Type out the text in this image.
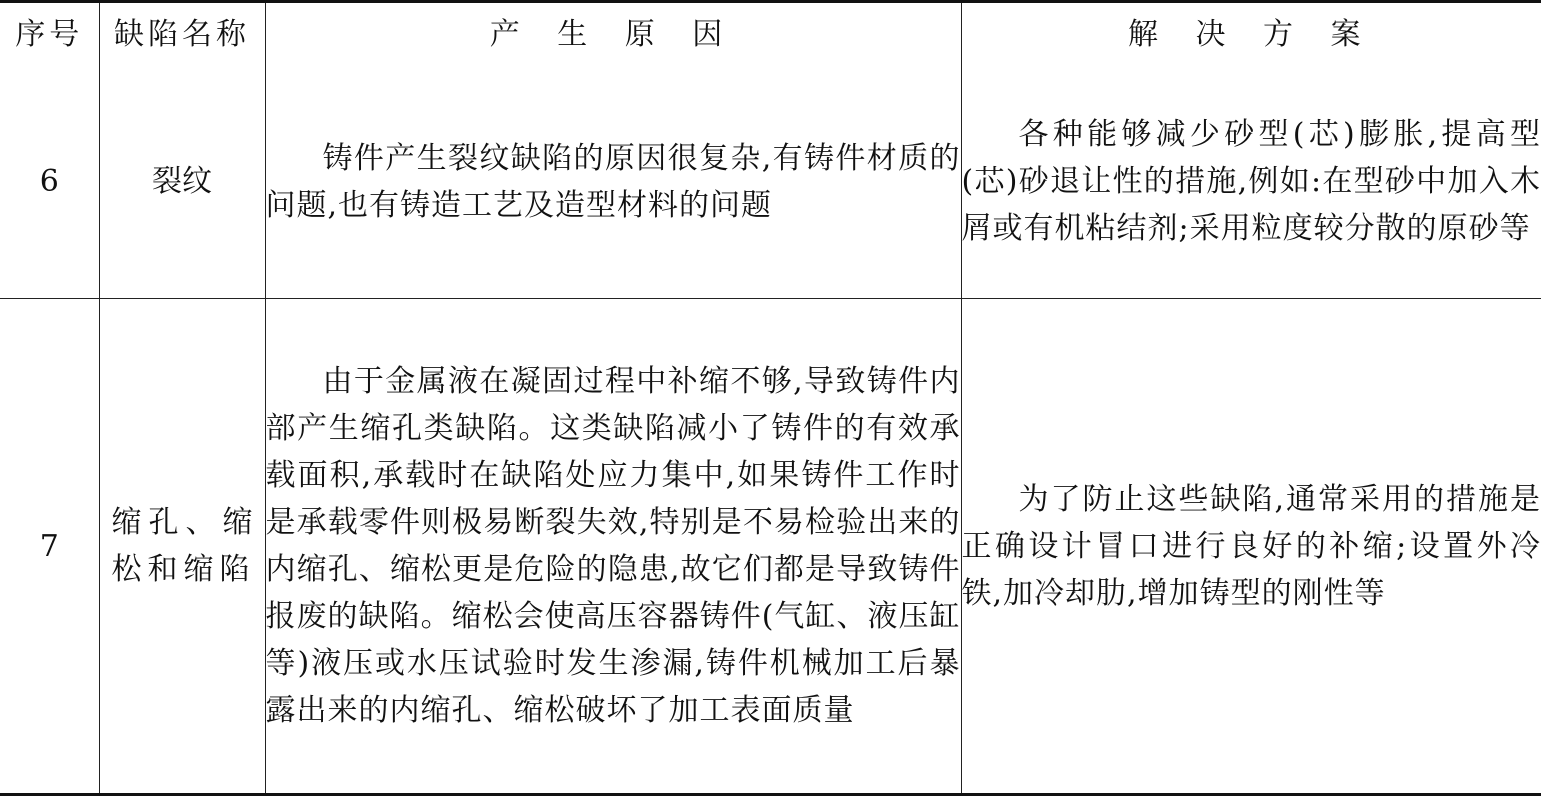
序号	缺陷名称	产 生 原 因	解 决 方 案
6	裂纹	铸件产生裂纹缺陷的原因很复杂,有铸件材质的问题,也有铸造工艺及造型材料的问题	各种能够减少砂型(芯)膨胀,提高型(芯)砂退让性的措施,例如:在型砂中加入木屑或有机粘结剂;采用粒度较分散的原砂等

7	缩孔、缩松和缩陷	由于金属液在凝固过程中补缩不够,导致铸件内部产生缩孔类缺陷。这类缺陷减小了铸件的有效承载面积,承载时在缺陷处应力集中,如果铸件工作时是承载零件则极易断裂失效,特别是不易检验出来的内缩孔、缩松更是危险的隐患,故它们都是导致铸件报废的缺陷。缩松会使高压容器铸件(气缸、液压缸等)液压或水压试验时发生渗漏,铸件机械加工后暴露出来的内缩孔、缩松破坏了加工表面质量	为了防止这些缺陷,通常采用的措施是正确设计冒口进行良好的补缩;设置外冷铁,加冷却肋,增加铸型的刚性等
